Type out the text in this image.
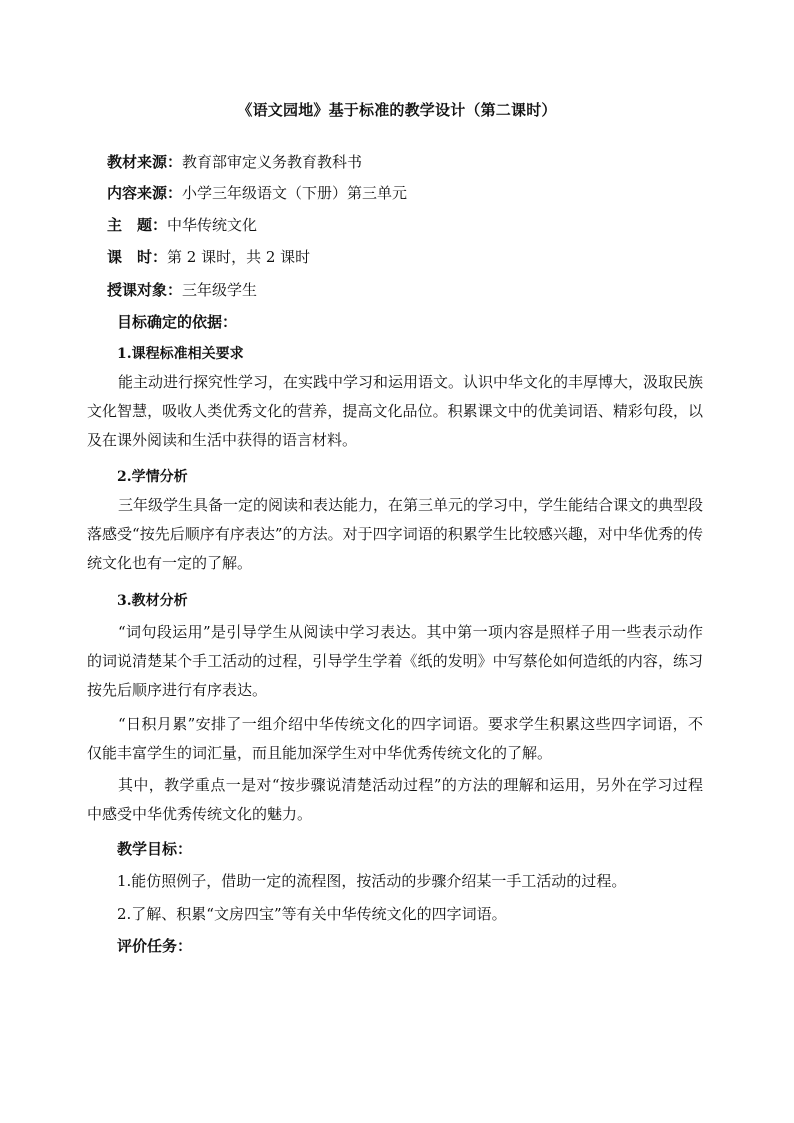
《语文园地》基于标准的教学设计（第二课时）
教材来源：教育部审定义务教育教科书
内容来源：小学三年级语文（下册）第三单元
主　题：中华传统文化
课　时：第 2 课时，共 2 课时
授课对象：三年级学生
目标确定的依据：
1.课程标准相关要求

能主动进行探究性学习，在实践中学习和运用语文。认识中华文化的丰厚博大，汲取民族文化智慧，吸收人类优秀文化的营养，提高文化品位。积累课文中的优美词语、精彩句段，以及在课外阅读和生活中获得的语言材料。

2.学情分析

三年级学生具备一定的阅读和表达能力，在第三单元的学习中，学生能结合课文的典型段落感受“按先后顺序有序表达”的方法。对于四字词语的积累学生比较感兴趣，对中华优秀的传统文化也有一定的了解。

3.教材分析

“词句段运用”是引导学生从阅读中学习表达。其中第一项内容是照样子用一些表示动作的词说清楚某个手工活动的过程，引导学生学着《纸的发明》中写蔡伦如何造纸的内容，练习按先后顺序进行有序表达。

“日积月累”安排了一组介绍中华传统文化的四字词语。要求学生积累这些四字词语，不仅能丰富学生的词汇量，而且能加深学生对中华优秀传统文化的了解。

其中，教学重点一是对“按步骤说清楚活动过程”的方法的理解和运用，另外在学习过程中感受中华优秀传统文化的魅力。

教学目标：
1.能仿照例子，借助一定的流程图，按活动的步骤介绍某一手工活动的过程。
2.了解、积累“文房四宝”等有关中华传统文化的四字词语。
评价任务：
